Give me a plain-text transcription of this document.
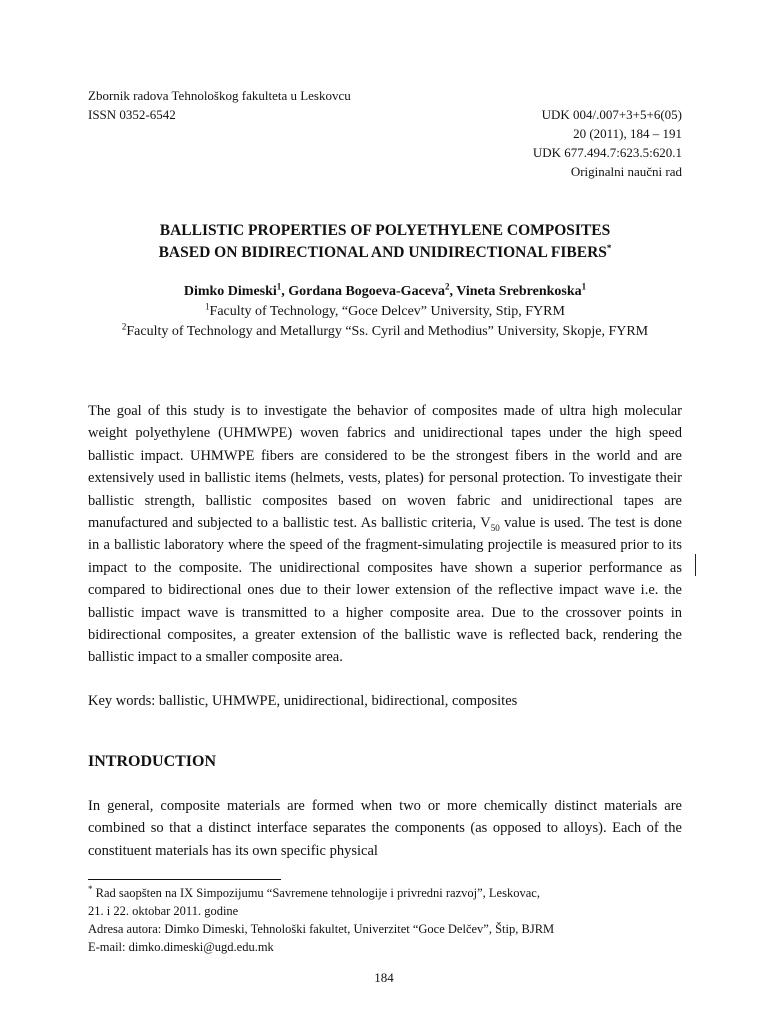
Zbornik radova Tehnološkog fakulteta u Leskovcu
ISSN 0352-6542	UDK 004/.007+3+5+6(05)
20 (2011), 184 – 191
UDK 677.494.7:623.5:620.1
Originalni naučni rad
BALLISTIC PROPERTIES OF POLYETHYLENE COMPOSITES
BASED ON BIDIRECTIONAL AND UNIDIRECTIONAL FIBERS*
Dimko Dimeski$^1$, Gordana Bogoeva-Gaceva$^2$, Vineta Srebrenkoska$^1$
$^1$Faculty of Technology, “Goce Delcev” University, Stip, FYRM
$^2$Faculty of Technology and Metallurgy “Ss. Cyril and Methodius” University, Skopje, FYRM
The goal of this study is to investigate the behavior of composites made of ultra high molecular weight polyethylene (UHMWPE) woven fabrics and unidirectional tapes under the high speed ballistic impact. UHMWPE fibers are considered to be the strongest fibers in the world and are extensively used in ballistic items (helmets, vests, plates) for personal protection. To investigate their ballistic strength, ballistic composites based on woven fabric and unidirectional tapes are manufactured and subjected to a ballistic test. As ballistic criteria, $V_{50}$ value is used. The test is done in a ballistic laboratory where the speed of the fragment-simulating projectile is measured prior to its impact to the composite. The unidirectional composites have shown a superior performance as compared to bidirectional ones due to their lower extension of the reflective impact wave i.e. the ballistic impact wave is transmitted to a higher composite area. Due to the crossover points in bidirectional composites, a greater extension of the ballistic wave is reflected back, rendering the ballistic impact to a smaller composite area.
Key words: ballistic, UHMWPE, unidirectional, bidirectional, composites
INTRODUCTION
In general, composite materials are formed when two or more chemically distinct materials are combined so that a distinct interface separates the components (as opposed to alloys). Each of the constituent materials has its own specific physical
* Rad saopšten na IX Simpozijumu “Savremene tehnologije i privredni razvoj”, Leskovac,
21. i 22. oktobar 2011. godine
Adresa autora: Dimko Dimeski, Tehnološki fakultet, Univerzitet “Goce Delčev”, Štip, BJRM
E-mail: dimko.dimeski@ugd.edu.mk
184
